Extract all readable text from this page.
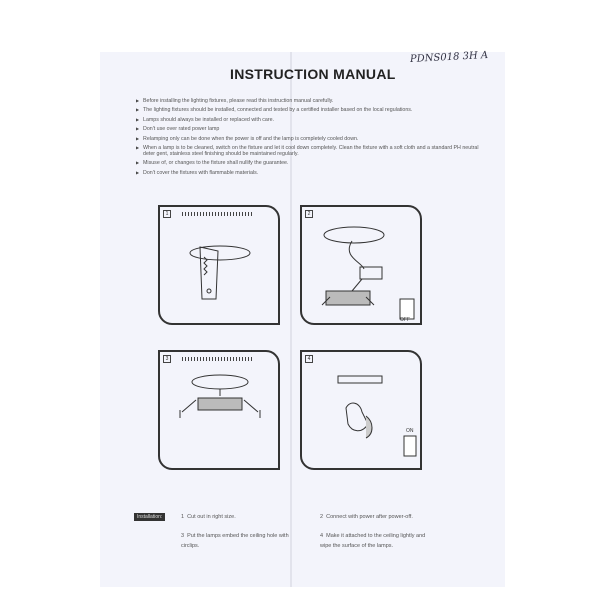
PDNS018 3H A
INSTRUCTION MANUAL
▶ Before installing the lighting fixtures, please read this instruction manual carefully.
▶ The lighting fixtures should be installed, connected and tested by a certified installer based on the local regulations.
▶ Lamps should always be installed or replaced with care.
▶ Don't use over rated power lamp
▶ Relamping only can be done when the power is off and the lamp is completely cooled down.
▶ When a lamp is to be cleaned, switch on the fixture and let it cool down completely. Clean the fixture with a soft cloth and a standard PH neutral deter gent, stainless steel finishing should be maintained regularly.
▶ Misuse of, or changes to the fixture shall nullify the guarantee.
▶ Don't cover the fixtures with flammable materials.
1	2
OFF
3	4
ON
Installation:	1 Cut out in right size.	2 Connect with power after power-off.
3 Put the lamps embed the ceiling hole with circlips.
4 Make it attached to the ceiling lightly and wipe the surface of the lamps.
